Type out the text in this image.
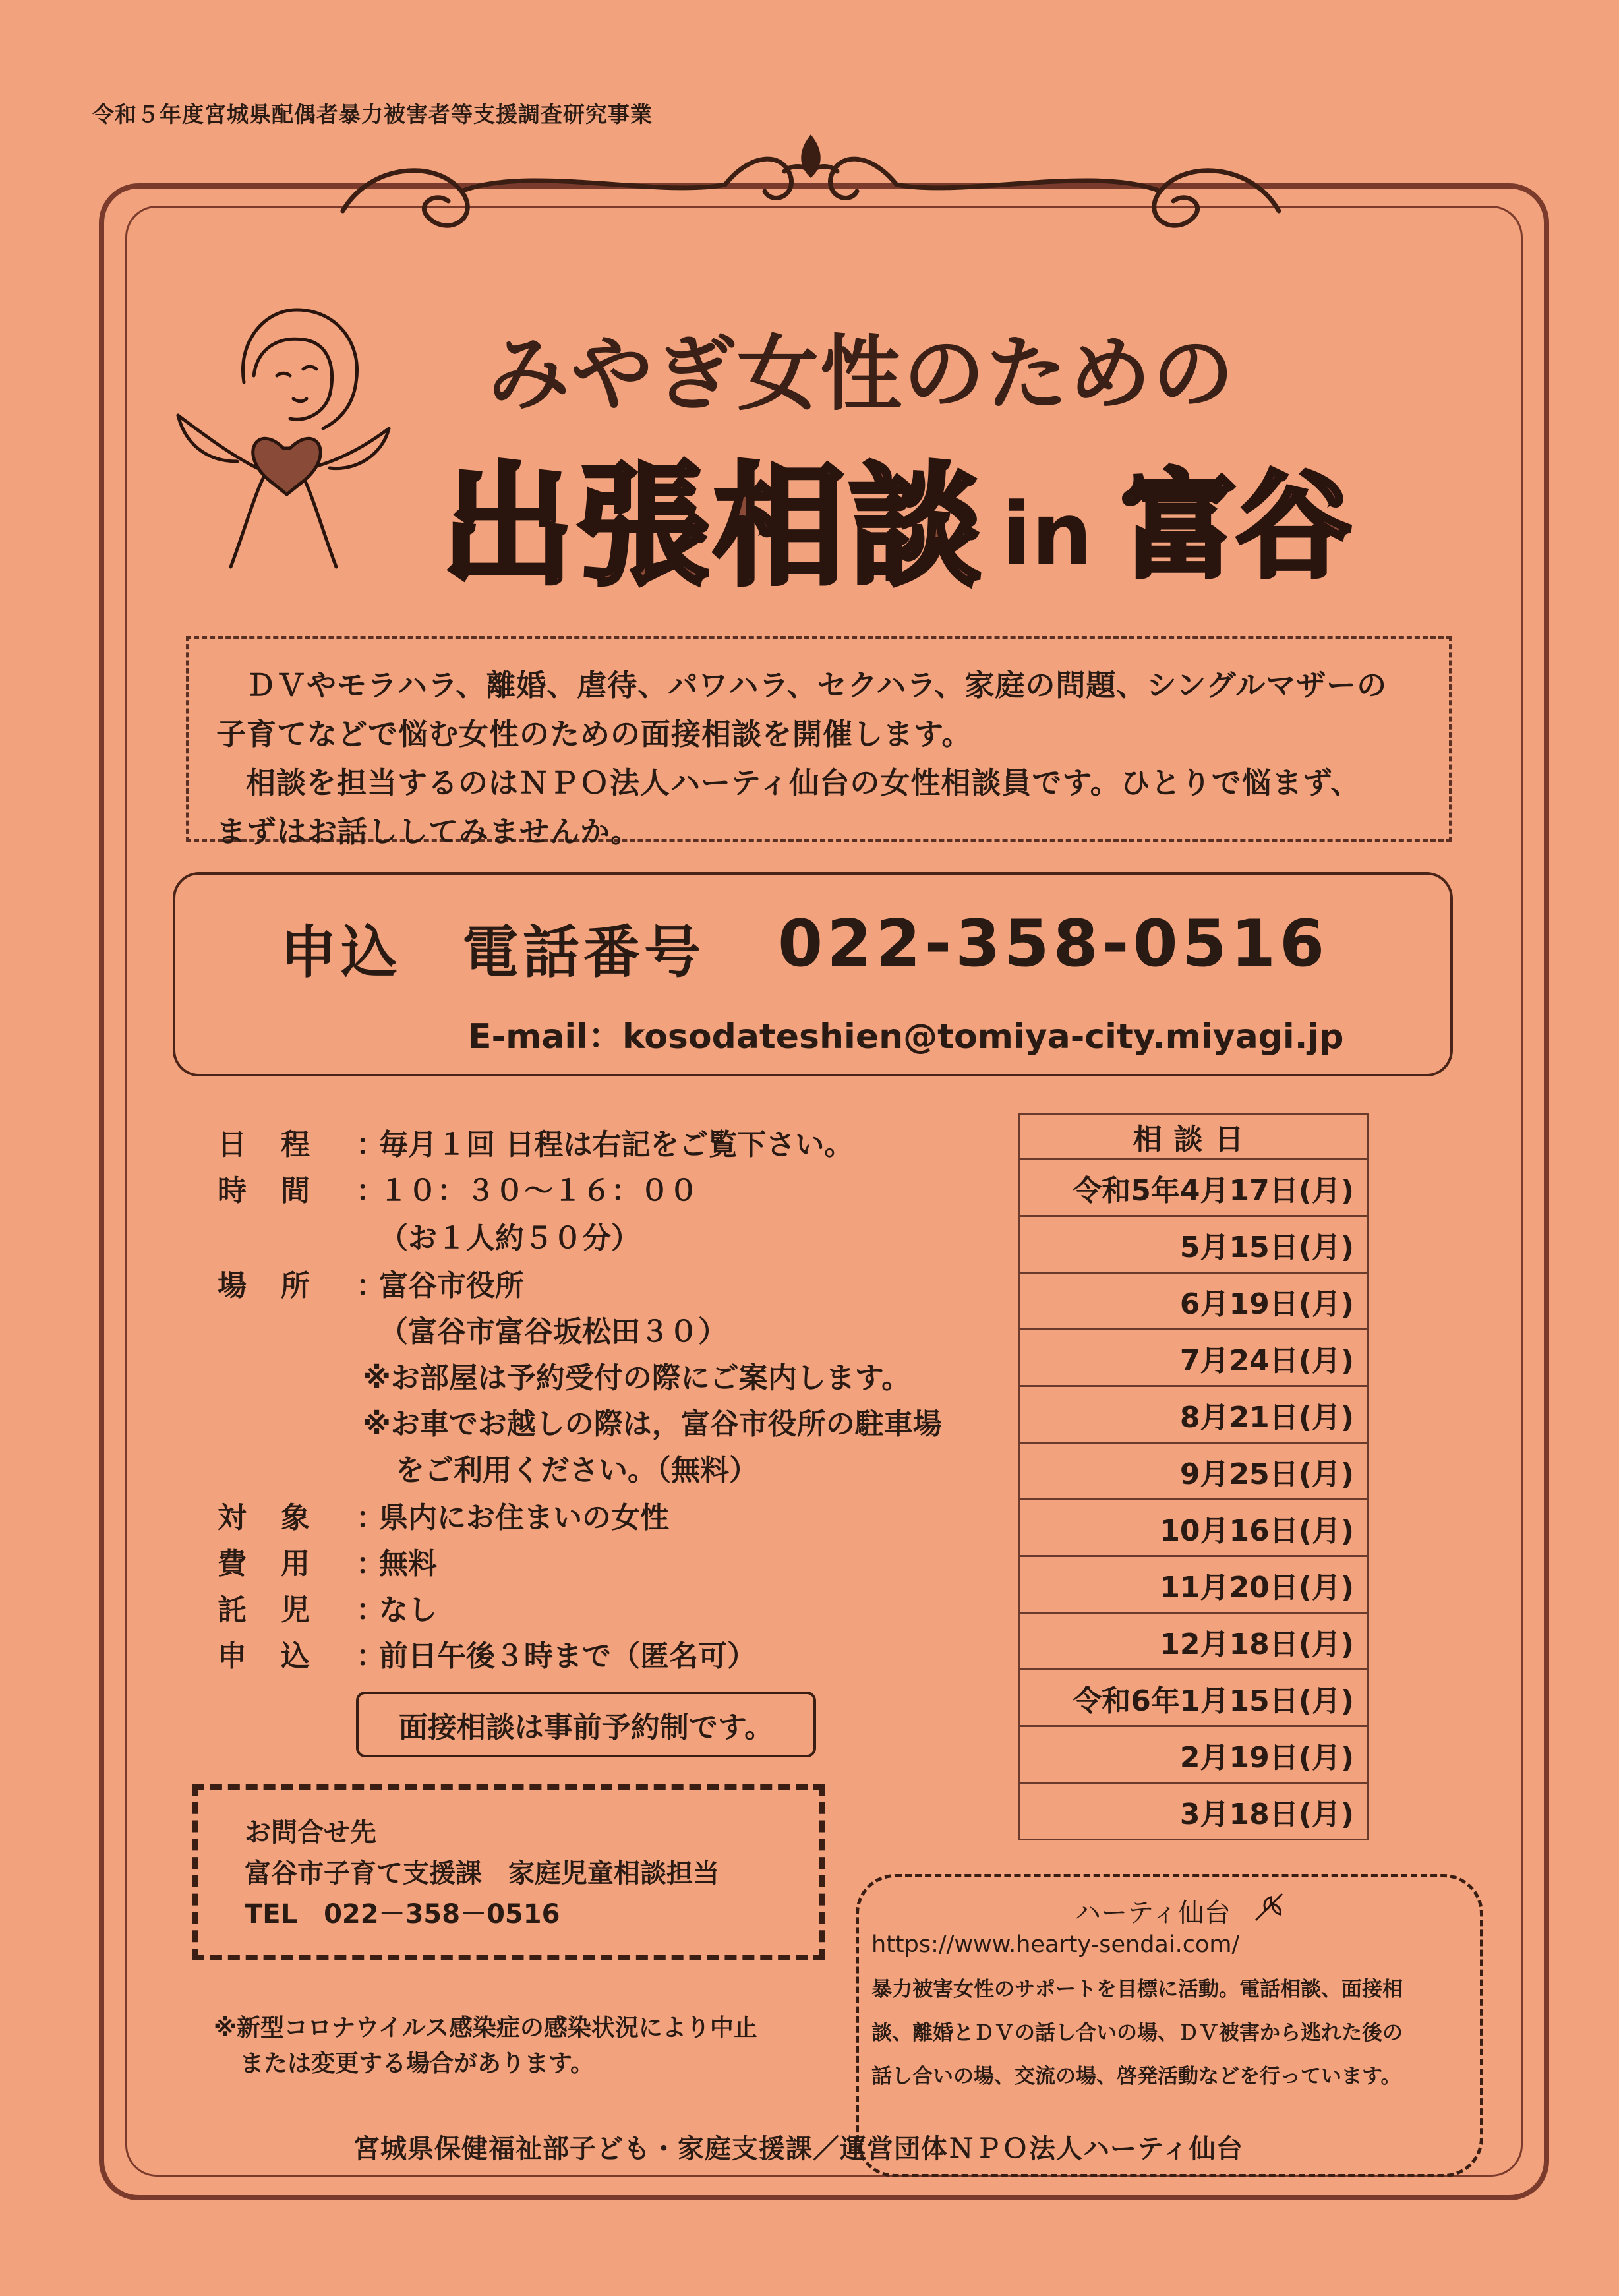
令和５年度宮城県配偶者暴力被害者等支援調査研究事業
みやぎ女性のための
出張相談 in 富谷

ＤＶやモラハラ、離婚、虐待、パワハラ、セクハラ、家庭の問題、シングルマザーの

子育てなどで悩む女性のための面接相談を開催します。

相談を担当するのはＮＰＯ法人ハーティ仙台の女性相談員です。ひとりで悩まず、

まずはお話ししてみませんか。

申込　電話番号 022-358-0516
E-mail：kosodateshien@tomiya-city.miyagi.jp
日程 ：
毎月１回 日程は右記をご覧下さい。
時間 ：
１０：３０～１６：００
（お１人約５０分）
場所 ：
富谷市役所
（富谷市富谷坂松田３０）
※お部屋は予約受付の際にご案内します。
※お車でお越しの際は，富谷市役所の駐車場
をご利用ください。（無料）
対象 ：
県内にお住まいの女性
費用 ：
無料
託児 ：
なし
申込 ：
前日午後３時まで（匿名可）
面接相談は事前予約制です。
相談日
令和5年4月17日(月)
5月15日(月)
6月19日(月)
7月24日(月)
8月21日(月)
9月25日(月)
10月16日(月)
11月20日(月)
12月18日(月)
令和6年1月15日(月)
2月19日(月)
3月18日(月)
お問合せ先
富谷市子育て支援課　家庭児童相談担当
TEL　022－358－0516
※新型コロナウイルス感染症の感染状況により中止
または変更する場合があります。
ハーティ仙台
https://www.hearty-sendai.com/
暴力被害女性のサポートを目標に活動。電話相談、面接相
談、離婚とＤＶの話し合いの場、ＤＶ被害から逃れた後の
話し合いの場、交流の場、啓発活動などを行っています。
宮城県保健福祉部子ども・家庭支援課／運営団体ＮＰＯ法人ハーティ仙台
